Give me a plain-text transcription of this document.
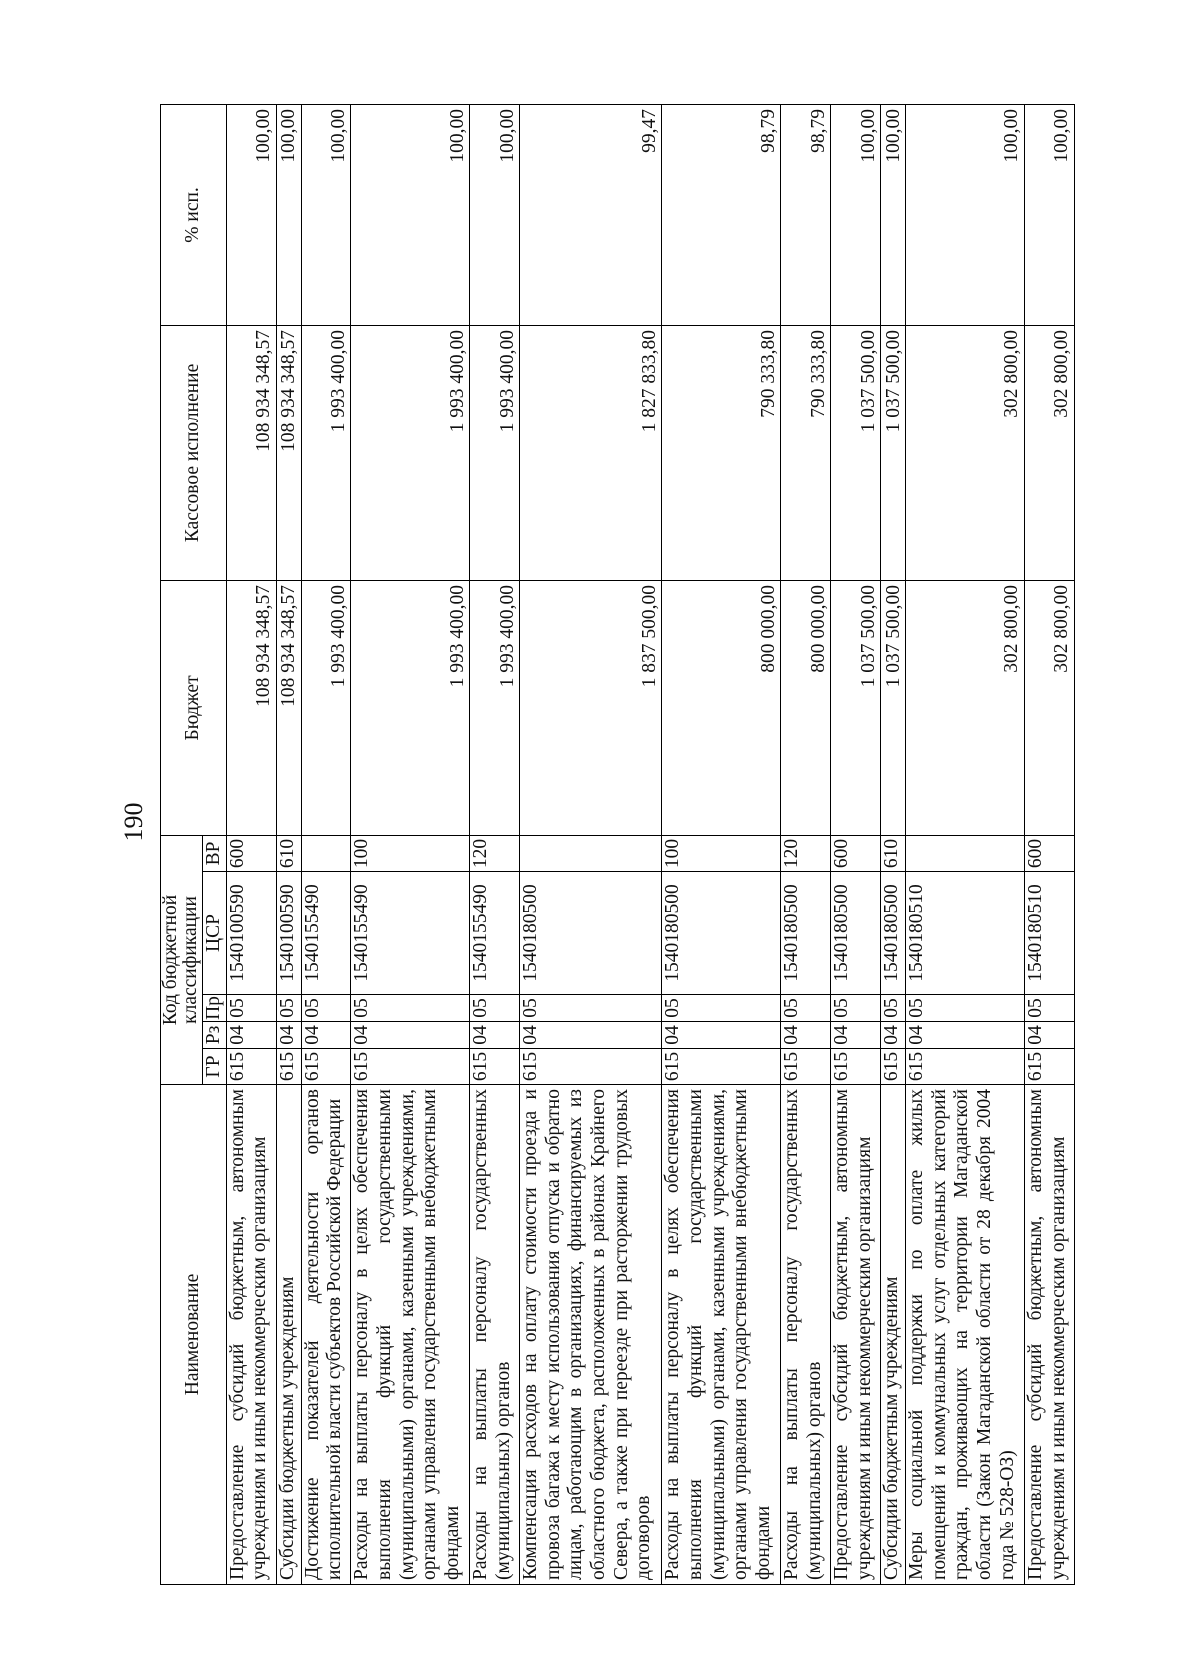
190
Наименование	Код бюджетной классификации					Бюджет	Кассовое исполнение	% исп.
	ГР	Рз	Пр	ЦСР	ВР			
Предоставление субсидий бюджетным, автономным учреждениям и иным некоммерческим организациям	615	04	05	1540100590	600	108 934 348,57	108 934 348,57	100,00
Субсидии бюджетным учреждениям	615	04	05	1540100590	610	108 934 348,57	108 934 348,57	100,00
Достижение показателей деятельности органов исполнительной власти субъектов Российской Федерации	615	04	05	1540155490		1 993 400,00	1 993 400,00	100,00
Расходы на выплаты персоналу в целях обеспечения выполнения функций государственными (муниципальными) органами, казенными учреждениями, органами управления государственными внебюджетными фондами	615	04	05	1540155490	100	1 993 400,00	1 993 400,00	100,00
Расходы на выплаты персоналу государственных (муниципальных) органов	615	04	05	1540155490	120	1 993 400,00	1 993 400,00	100,00
Компенсация расходов на оплату стоимости проезда и провоза багажа к месту использования отпуска и обратно лицам, работающим в организациях, финансируемых из областного бюджета, расположенных в районах Крайнего Севера, а также при переезде при расторжении трудовых договоров	615	04	05	1540180500		1 837 500,00	1 827 833,80	99,47
Расходы на выплаты персоналу в целях обеспечения выполнения функций государственными (муниципальными) органами, казенными учреждениями, органами управления государственными внебюджетными фондами	615	04	05	1540180500	100	800 000,00	790 333,80	98,79
Расходы на выплаты персоналу государственных (муниципальных) органов	615	04	05	1540180500	120	800 000,00	790 333,80	98,79
Предоставление субсидий бюджетным, автономным учреждениям и иным некоммерческим организациям	615	04	05	1540180500	600	1 037 500,00	1 037 500,00	100,00
Субсидии бюджетным учреждениям	615	04	05	1540180500	610	1 037 500,00	1 037 500,00	100,00
Меры социальной поддержки по оплате жилых помещений и коммунальных услуг отдельных категорий граждан, проживающих на территории Магаданской области (Закон Магаданской области от 28 декабря 2004 года № 528-ОЗ)	615	04	05	1540180510		302 800,00	302 800,00	100,00
Предоставление субсидий бюджетным, автономным учреждениям и иным некоммерческим организациям	615	04	05	1540180510	600	302 800,00	302 800,00	100,00
